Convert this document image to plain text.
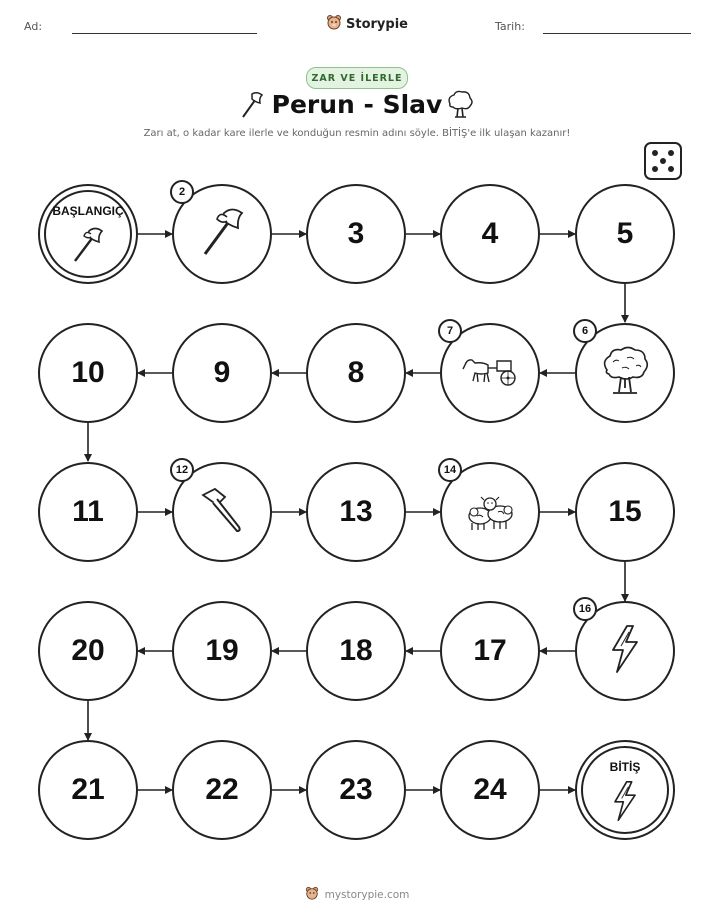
Ad:	Storypie	Tarih:
ZAR VE İLERLE
Perun - Slav
Zarı at, o kadar kare ilerle ve konduğun resmin adını söyle. BİTİŞ'e ilk ulaşan kazanır!
BAŞLANGIÇ
2
3	4	5
10	9	8
7	6
11
12
13
14
15
20	19	18	17
16
21	22	23	24
BİTİŞ
mystorypie.com
